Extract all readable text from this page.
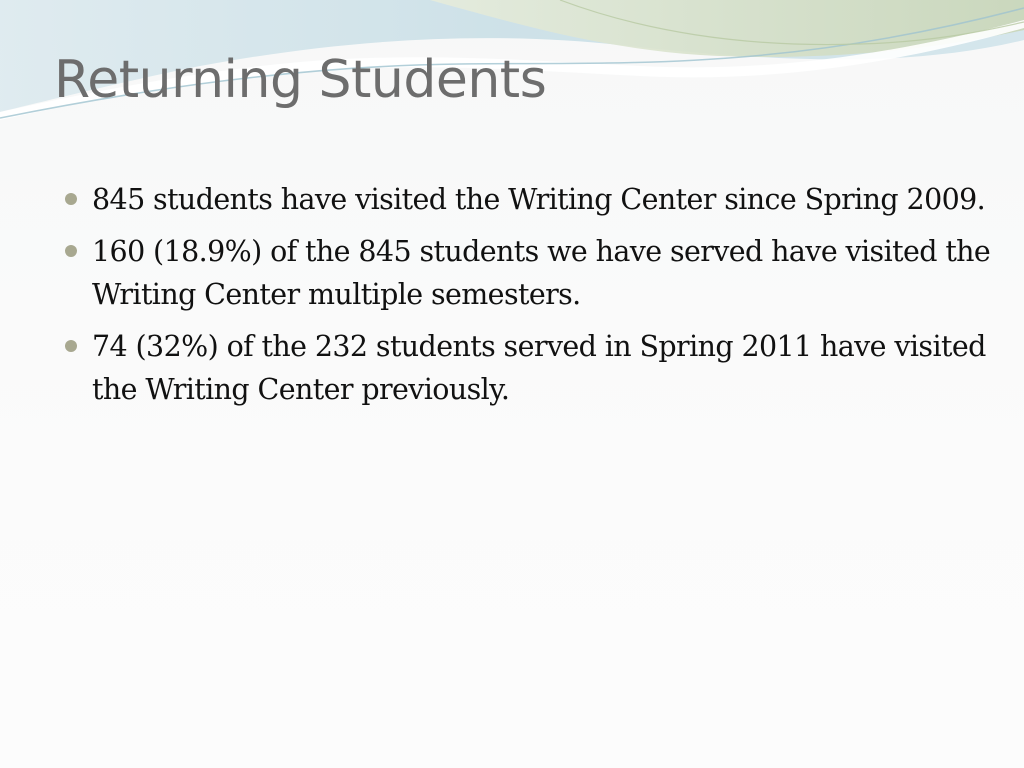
Returning Students
845 students have visited the Writing Center since Spring 2009.
160 (18.9%) of the 845 students we have served have visited the Writing Center multiple semesters.
74 (32%) of the 232 students served in Spring 2011 have visited the Writing Center previously.
